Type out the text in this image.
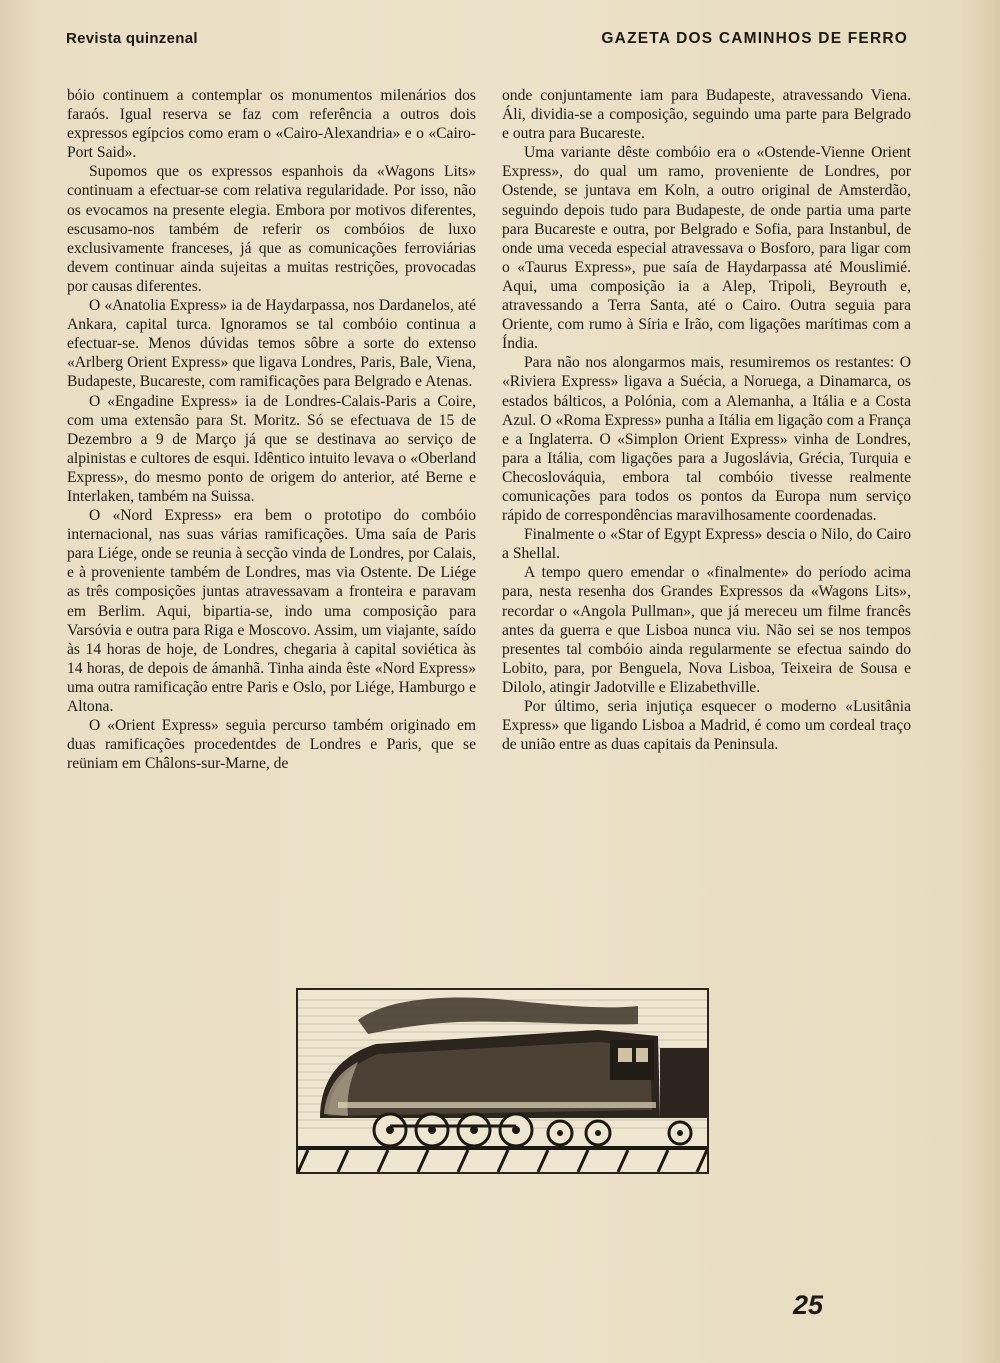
Revista quinzenal	GAZETA DOS CAMINHOS DE FERRO

bóio continuem a contemplar os monumentos milenários dos faraós. Igual reserva se faz com referência a outros dois expressos egípcios como eram o «Cairo-Alexandria» e o «Cairo-Port Said».

Supomos que os expressos espanhois da «Wagons Lits» continuam a efectuar-se com relativa regularidade. Por isso, não os evocamos na presente elegia. Embora por motivos diferentes, escusamo-nos também de referir os combóios de luxo exclusivamente franceses, já que as comunicações ferroviárias devem continuar ainda sujeitas a muitas restrições, provocadas por causas diferentes.

O «Anatolia Express» ia de Haydarpassa, nos Dardanelos, até Ankara, capital turca. Ignoramos se tal combóio continua a efectuar-se. Menos dúvidas temos sôbre a sorte do extenso «Arlberg Orient Express» que ligava Londres, Paris, Bale, Viena, Budapeste, Bucareste, com ramificações para Belgrado e Atenas.

O «Engadine Express» ia de Londres-Calais-Paris a Coire, com uma extensão para St. Moritz. Só se efectuava de 15 de Dezembro a 9 de Março já que se destinava ao serviço de alpinistas e cultores de esqui. Idêntico intuito levava o «Oberland Express», do mesmo ponto de origem do anterior, até Berne e Interlaken, também na Suissa.

O «Nord Express» era bem o prototipo do combóio internacional, nas suas várias ramificações. Uma saía de Paris para Liége, onde se reunia à secção vinda de Londres, por Calais, e à proveniente também de Londres, mas via Ostente. De Liége as três composições juntas atravessavam a fronteira e paravam em Berlim. Aqui, bipartia-se, indo uma composição para Varsóvia e outra para Riga e Moscovo. Assim, um viajante, saído às 14 horas de hoje, de Londres, chegaria à capital soviética às 14 horas, de depois de ámanhã. Tinha ainda êste «Nord Express» uma outra ramificação entre Paris e Oslo, por Liége, Hamburgo e Altona.

O «Orient Express» seguia percurso também originado em duas ramificações procedentdes de Londres e Paris, que se reüniam em Châlons-sur-Marne, de

onde conjuntamente iam para Budapeste, atravessando Viena. Áli, dividia-se a composição, seguindo uma parte para Belgrado e outra para Bucareste.

Uma variante dêste combóio era o «Ostende-Vienne Orient Express», do qual um ramo, proveniente de Londres, por Ostende, se juntava em Koln, a outro original de Amsterdão, seguindo depois tudo para Budapeste, de onde partia uma parte para Bucareste e outra, por Belgrado e Sofia, para Instanbul, de onde uma veceda especial atravessava o Bosforo, para ligar com o «Taurus Express», pue saía de Haydarpassa até Mouslimié. Aqui, uma composição ia a Alep, Tripoli, Beyrouth e, atravessando a Terra Santa, até o Cairo. Outra seguia para Oriente, com rumo à Síria e Irão, com ligações marítimas com a Índia.

Para não nos alongarmos mais, resumiremos os restantes: O «Riviera Express» ligava a Suécia, a Noruega, a Dinamarca, os estados bálticos, a Polónia, com a Alemanha, a Itália e a Costa Azul. O «Roma Express» punha a Itália em ligação com a França e a Inglaterra. O «Simplon Orient Express» vinha de Londres, para a Itália, com ligações para a Jugoslávia, Grécia, Turquia e Checoslováquia, embora tal combóio tivesse realmente comunicações para todos os pontos da Europa num serviço rápido de correspondências maravilhosamente coordenadas.

Finalmente o «Star of Egypt Express» descia o Nilo, do Cairo a Shellal.

A tempo quero emendar o «finalmente» do período acima para, nesta resenha dos Grandes Expressos da «Wagons Lits», recordar o «Angola Pullman», que já mereceu um filme francês antes da guerra e que Lisboa nunca viu. Não sei se nos tempos presentes tal combóio ainda regularmente se efectua saindo do Lobito, para, por Benguela, Nova Lisboa, Teixeira de Sousa e Dilolo, atingir Jadotville e Elizabethville.

Por último, seria injutiça esquecer o moderno «Lusitânia Express» que ligando Lisboa a Madrid, é como um cordeal traço de união entre as duas capitais da Peninsula.

25
